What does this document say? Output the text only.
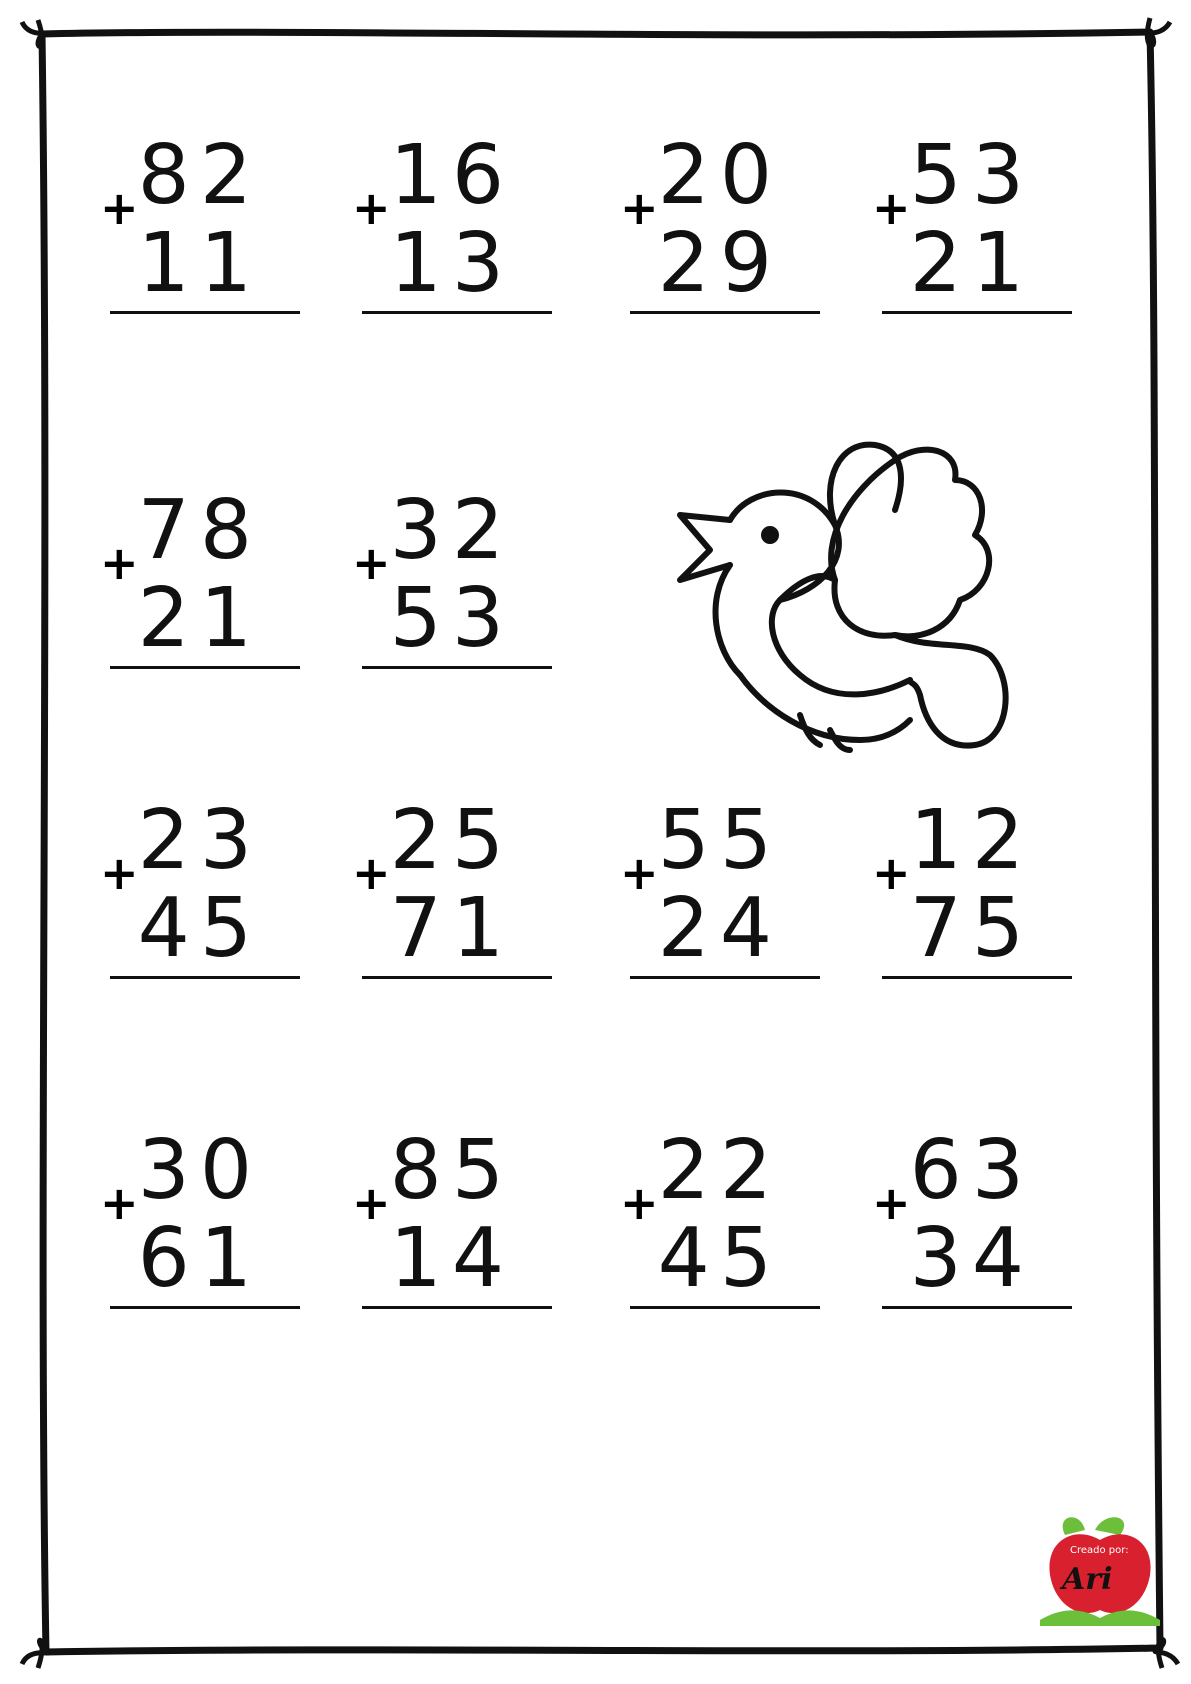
+ 82
11
+ 16
13
+ 20
29
+ 53
21
+ 78
21
+ 32
53
+ 23
45
+ 25
71
+ 55
24
+ 12
75
+ 30
61
+ 85
14
+ 22
45
+ 63
34
Creado por:
Ari
